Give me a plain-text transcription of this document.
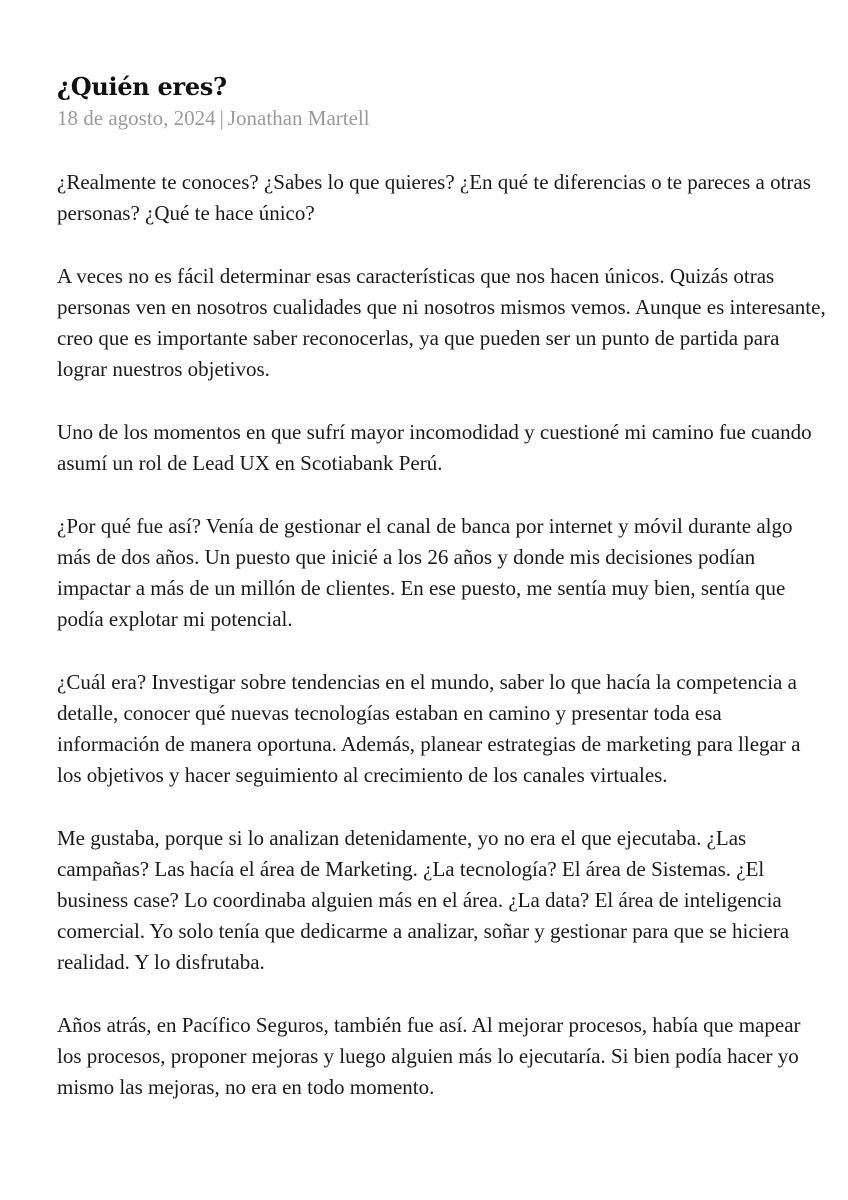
¿Quién eres?
18 de agosto, 2024 | Jonathan Martell

¿Realmente te conoces? ¿Sabes lo que quieres? ¿En qué te diferencias o te pareces a otras personas? ¿Qué te hace único?

A veces no es fácil determinar esas características que nos hacen únicos. Quizás otras personas ven en nosotros cualidades que ni nosotros mismos vemos. Aunque es interesante, creo que es importante saber reconocerlas, ya que pueden ser un punto de partida para lograr nuestros objetivos.

Uno de los momentos en que sufrí mayor incomodidad y cuestioné mi camino fue cuando asumí un rol de Lead UX en Scotiabank Perú.

¿Por qué fue así? Venía de gestionar el canal de banca por internet y móvil durante algo más de dos años. Un puesto que inicié a los 26 años y donde mis decisiones podían impactar a más de un millón de clientes. En ese puesto, me sentía muy bien, sentía que podía explotar mi potencial.

¿Cuál era? Investigar sobre tendencias en el mundo, saber lo que hacía la competencia a detalle, conocer qué nuevas tecnologías estaban en camino y presentar toda esa información de manera oportuna. Además, planear estrategias de marketing para llegar a los objetivos y hacer seguimiento al crecimiento de los canales virtuales.

Me gustaba, porque si lo analizan detenidamente, yo no era el que ejecutaba. ¿Las campañas? Las hacía el área de Marketing. ¿La tecnología? El área de Sistemas. ¿El business case? Lo coordinaba alguien más en el área. ¿La data? El área de inteligencia comercial. Yo solo tenía que dedicarme a analizar, soñar y gestionar para que se hiciera realidad. Y lo disfrutaba.

Años atrás, en Pacífico Seguros, también fue así. Al mejorar procesos, había que mapear los procesos, proponer mejoras y luego alguien más lo ejecutaría. Si bien podía hacer yo mismo las mejoras, no era en todo momento.
